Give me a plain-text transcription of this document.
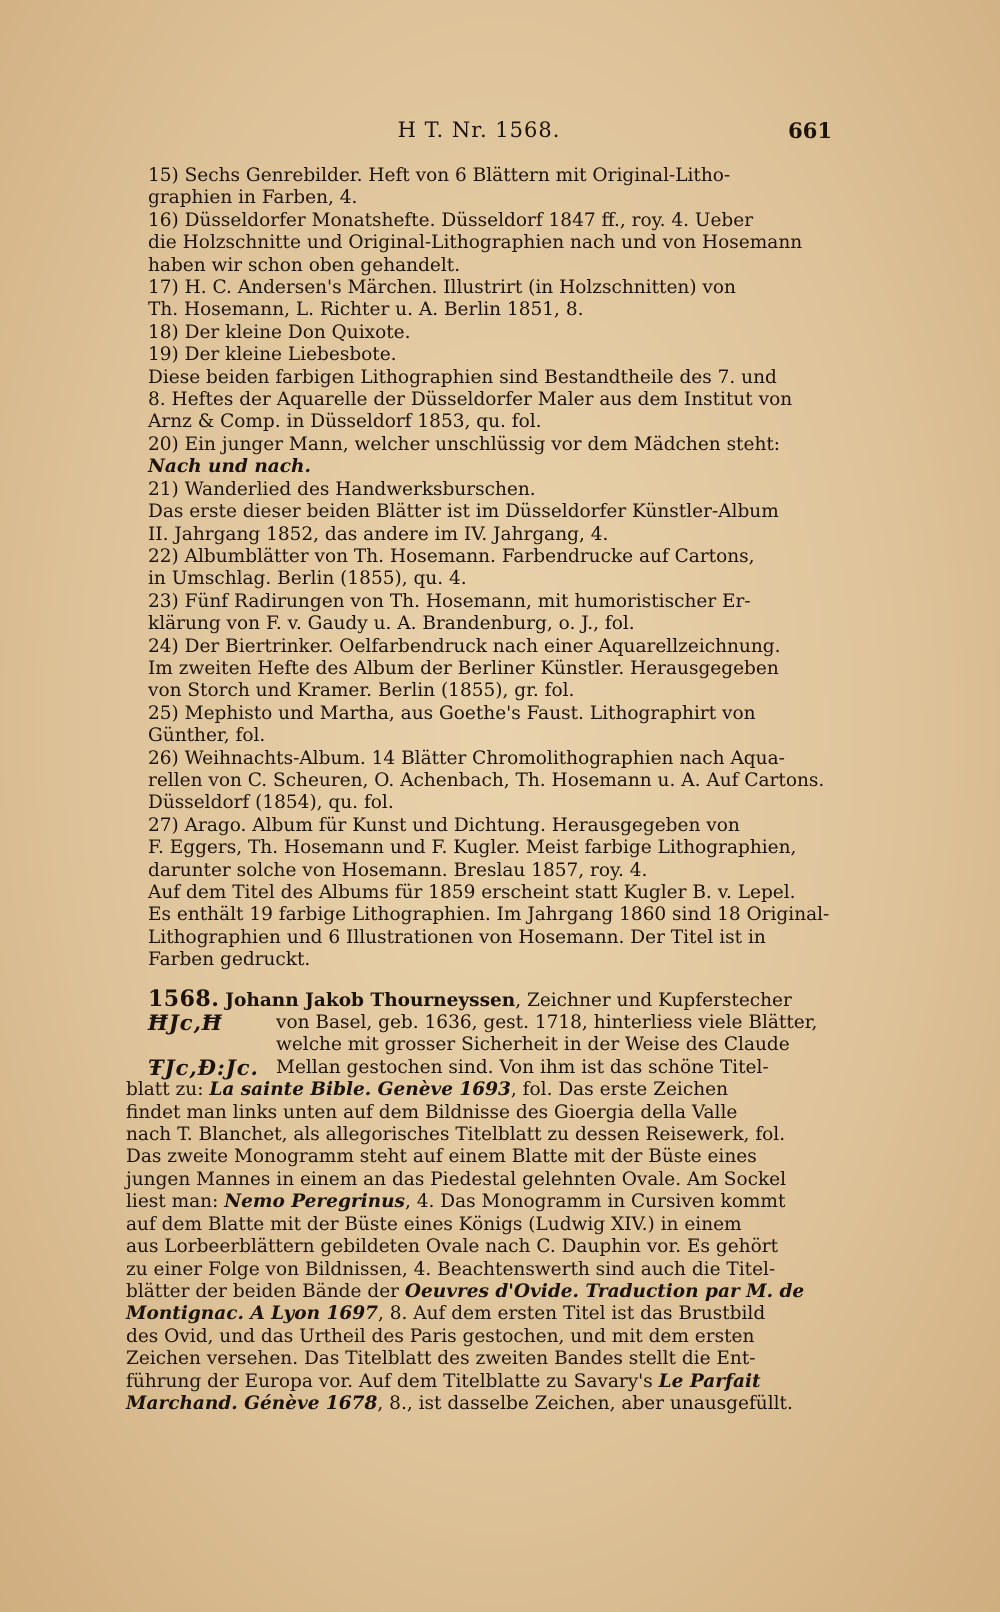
H T. Nr. 1568.	661

15) Sechs Genrebilder. Heft von 6 Blättern mit Original-Litho-
graphien in Farben, 4.

16) Düsseldorfer Monatshefte. Düsseldorf 1847 ff., roy. 4. Ueber
die Holzschnitte und Original-Lithographien nach und von Hosemann
haben wir schon oben gehandelt.

17) H. C. Andersen's Märchen. Illustrirt (in Holzschnitten) von
Th. Hosemann, L. Richter u. A. Berlin 1851, 8.

18) Der kleine Don Quixote.

19) Der kleine Liebesbote.

Diese beiden farbigen Lithographien sind Bestandtheile des 7. und
8. Heftes der Aquarelle der Düsseldorfer Maler aus dem Institut von
Arnz & Comp. in Düsseldorf 1853, qu. fol.

20) Ein junger Mann, welcher unschlüssig vor dem Mädchen steht:
Nach und nach.

21) Wanderlied des Handwerksburschen.

Das erste dieser beiden Blätter ist im Düsseldorfer Künstler-Album
II. Jahrgang 1852, das andere im IV. Jahrgang, 4.

22) Albumblätter von Th. Hosemann. Farbendrucke auf Cartons,
in Umschlag. Berlin (1855), qu. 4.

23) Fünf Radirungen von Th. Hosemann, mit humoristischer Er-
klärung von F. v. Gaudy u. A. Brandenburg, o. J., fol.

24) Der Biertrinker. Oelfarbendruck nach einer Aquarellzeichnung.
Im zweiten Hefte des Album der Berliner Künstler. Herausgegeben
von Storch und Kramer. Berlin (1855), gr. fol.

25) Mephisto und Martha, aus Goethe's Faust. Lithographirt von
Günther, fol.

26) Weihnachts-Album. 14 Blätter Chromolithographien nach Aqua-
rellen von C. Scheuren, O. Achenbach, Th. Hosemann u. A. Auf Cartons.
Düsseldorf (1854), qu. fol.

27) Arago. Album für Kunst und Dichtung. Herausgegeben von
F. Eggers, Th. Hosemann und F. Kugler. Meist farbige Lithographien,
darunter solche von Hosemann. Breslau 1857, roy. 4.

Auf dem Titel des Albums für 1859 erscheint statt Kugler B. v. Lepel.
Es enthält 19 farbige Lithographien. Im Jahrgang 1860 sind 18 Original-
Lithographien und 6 Illustrationen von Hosemann. Der Titel ist in
Farben gedruckt.

1568. Johann Jakob Thourneyssen, Zeichner und Kupferstecher

ĦJc,Ħ

ŦJc,Ɖ:Jc.
von Basel, geb. 1636, gest. 1718, hinterliess viele Blätter,
welche mit grosser Sicherheit in der Weise des Claude
Mellan gestochen sind. Von ihm ist das schöne Titel-
blatt zu: La sainte Bible. Genève 1693, fol. Das erste Zeichen
findet man links unten auf dem Bildnisse des Gioergia della Valle
nach T. Blanchet, als allegorisches Titelblatt zu dessen Reisewerk, fol.
Das zweite Monogramm steht auf einem Blatte mit der Büste eines
jungen Mannes in einem an das Piedestal gelehnten Ovale. Am Sockel
liest man: Nemo Peregrinus, 4. Das Monogramm in Cursiven kommt
auf dem Blatte mit der Büste eines Königs (Ludwig XIV.) in einem
aus Lorbeerblättern gebildeten Ovale nach C. Dauphin vor. Es gehört
zu einer Folge von Bildnissen, 4. Beachtenswerth sind auch die Titel-
blätter der beiden Bände der Oeuvres d'Ovide. Traduction par M. de
Montignac. A Lyon 1697, 8. Auf dem ersten Titel ist das Brustbild
des Ovid, und das Urtheil des Paris gestochen, und mit dem ersten
Zeichen versehen. Das Titelblatt des zweiten Bandes stellt die Ent-
führung der Europa vor. Auf dem Titelblatte zu Savary's Le Parfait
Marchand. Génève 1678, 8., ist dasselbe Zeichen, aber unausgefüllt.
